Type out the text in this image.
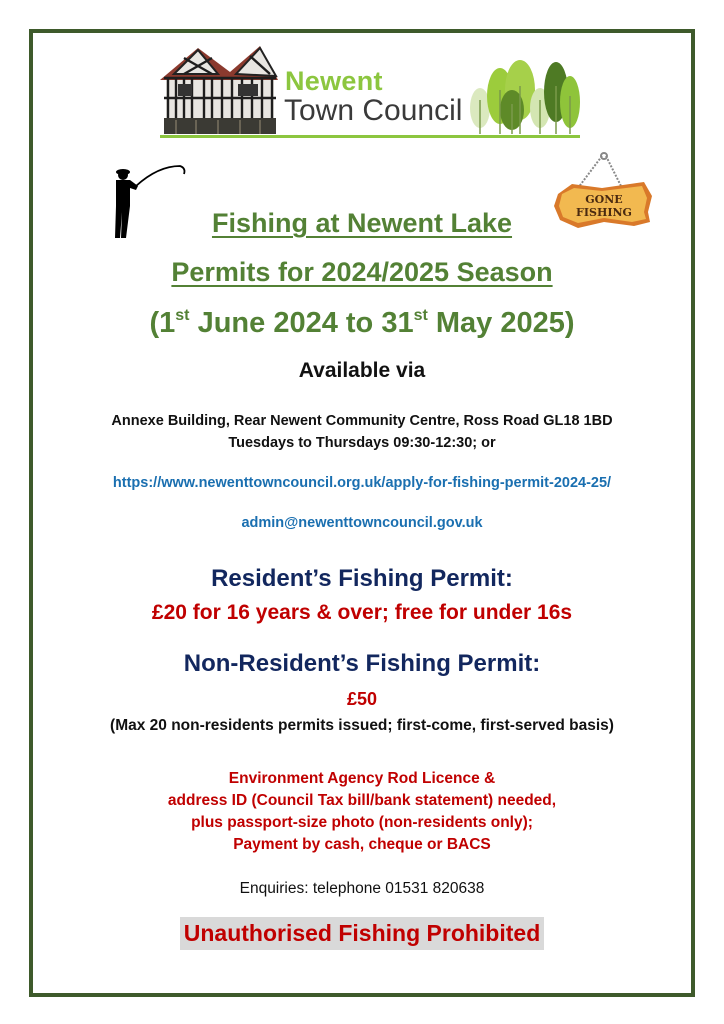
Newent
Town Council
GONE
FISHING
Fishing at Newent Lake
Permits for 2024/2025 Season
(1st June 2024 to 31st May 2025)
Available via
Annexe Building, Rear Newent Community Centre, Ross Road GL18 1BD
Tuesdays to Thursdays 09:30-12:30; or
https://www.newenttowncouncil.org.uk/apply-for-fishing-permit-2024-25/
admin@newenttowncouncil.gov.uk
Resident’s Fishing Permit:
£20 for 16 years & over; free for under 16s
Non-Resident’s Fishing Permit:
£50
(Max 20 non-residents permits issued; first-come, first-served basis)
Environment Agency Rod Licence &
address ID (Council Tax bill/bank statement) needed,
plus passport-size photo (non-residents only);
Payment by cash, cheque or BACS
Enquiries: telephone 01531 820638
Unauthorised Fishing Prohibited
